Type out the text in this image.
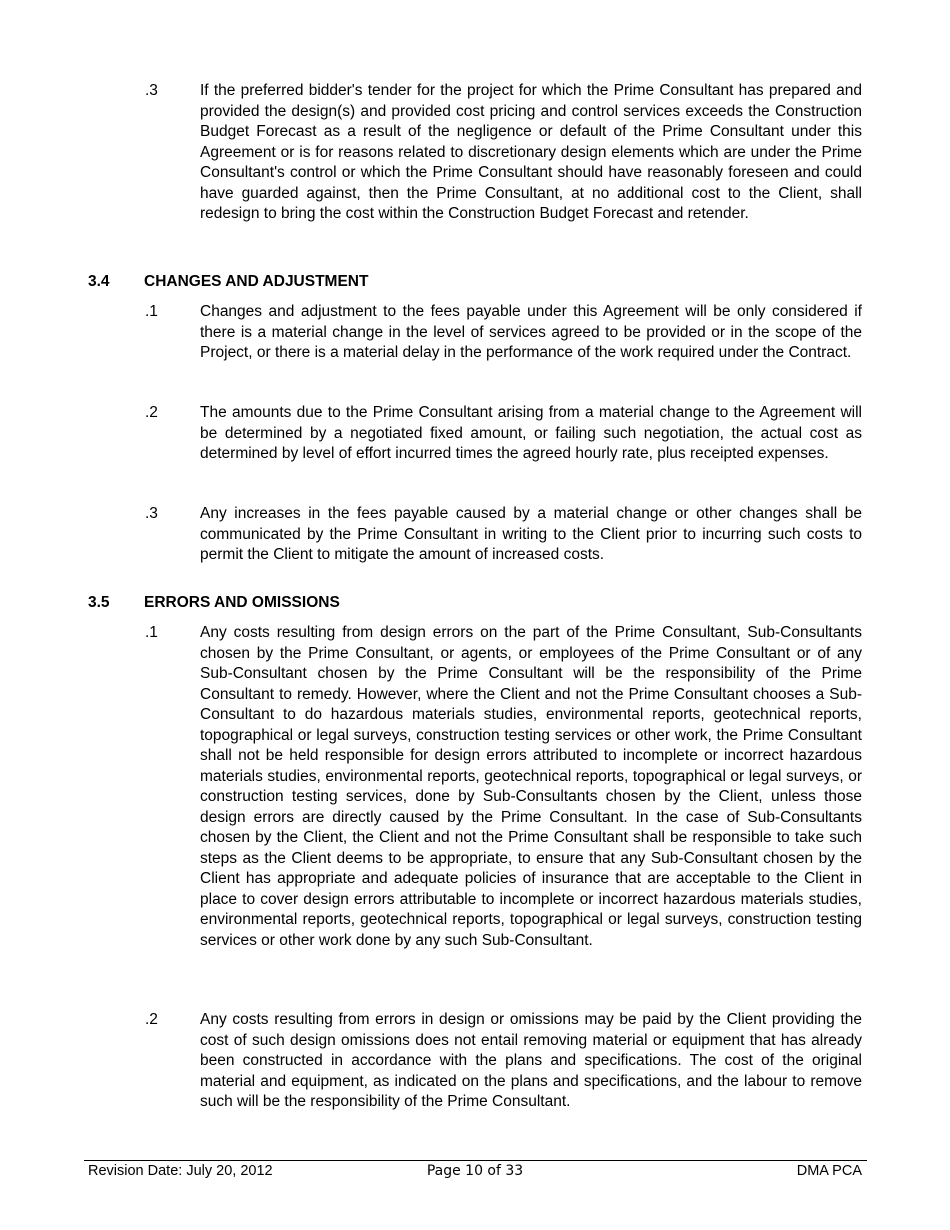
.3	If the preferred bidder's tender for the project for which the Prime Consultant has prepared and provided the design(s) and provided cost pricing and control services exceeds the Construction Budget Forecast as a result of the negligence or default of the Prime Consultant under this Agreement or is for reasons related to discretionary design elements which are under the Prime Consultant's control or which the Prime Consultant should have reasonably foreseen and could have guarded against, then the Prime Consultant, at no additional cost to the Client, shall redesign to bring the cost within the Construction Budget Forecast and retender.
3.4 CHANGES AND ADJUSTMENT
.1	Changes and adjustment to the fees payable under this Agreement will be only considered if there is a material change in the level of services agreed to be provided or in the scope of the Project, or there is a material delay in the performance of the work required under the Contract.
.2	The amounts due to the Prime Consultant arising from a material change to the Agreement will be determined by a negotiated fixed amount, or failing such negotiation, the actual cost as determined by level of effort incurred times the agreed hourly rate, plus receipted expenses.
.3	Any increases in the fees payable caused by a material change or other changes shall be communicated by the Prime Consultant in writing to the Client prior to incurring such costs to permit the Client to mitigate the amount of increased costs.
3.5 ERRORS AND OMISSIONS
.1	Any costs resulting from design errors on the part of the Prime Consultant, Sub-Consultants chosen by the Prime Consultant, or agents, or employees of the Prime Consultant or of any Sub-Consultant chosen by the Prime Consultant will be the responsibility of the Prime Consultant to remedy. However, where the Client and not the Prime Consultant chooses a Sub-Consultant to do hazardous materials studies, environmental reports, geotechnical reports, topographical or legal surveys, construction testing services or other work, the Prime Consultant shall not be held responsible for design errors attributed to incomplete or incorrect hazardous materials studies, environmental reports, geotechnical reports, topographical or legal surveys, or construction testing services, done by Sub-Consultants chosen by the Client, unless those design errors are directly caused by the Prime Consultant. In the case of Sub-Consultants chosen by the Client, the Client and not the Prime Consultant shall be responsible to take such steps as the Client deems to be appropriate, to ensure that any Sub-Consultant chosen by the Client has appropriate and adequate policies of insurance that are acceptable to the Client in place to cover design errors attributable to incomplete or incorrect hazardous materials studies, environmental reports, geotechnical reports, topographical or legal surveys, construction testing services or other work done by any such Sub-Consultant.
.2	Any costs resulting from errors in design or omissions may be paid by the Client providing the cost of such design omissions does not entail removing material or equipment that has already been constructed in accordance with the plans and specifications. The cost of the original material and equipment, as indicated on the plans and specifications, and the labour to remove such will be the responsibility of the Prime Consultant.
Revision Date: July 20, 2012	Page 10 of 33	DMA PCA
